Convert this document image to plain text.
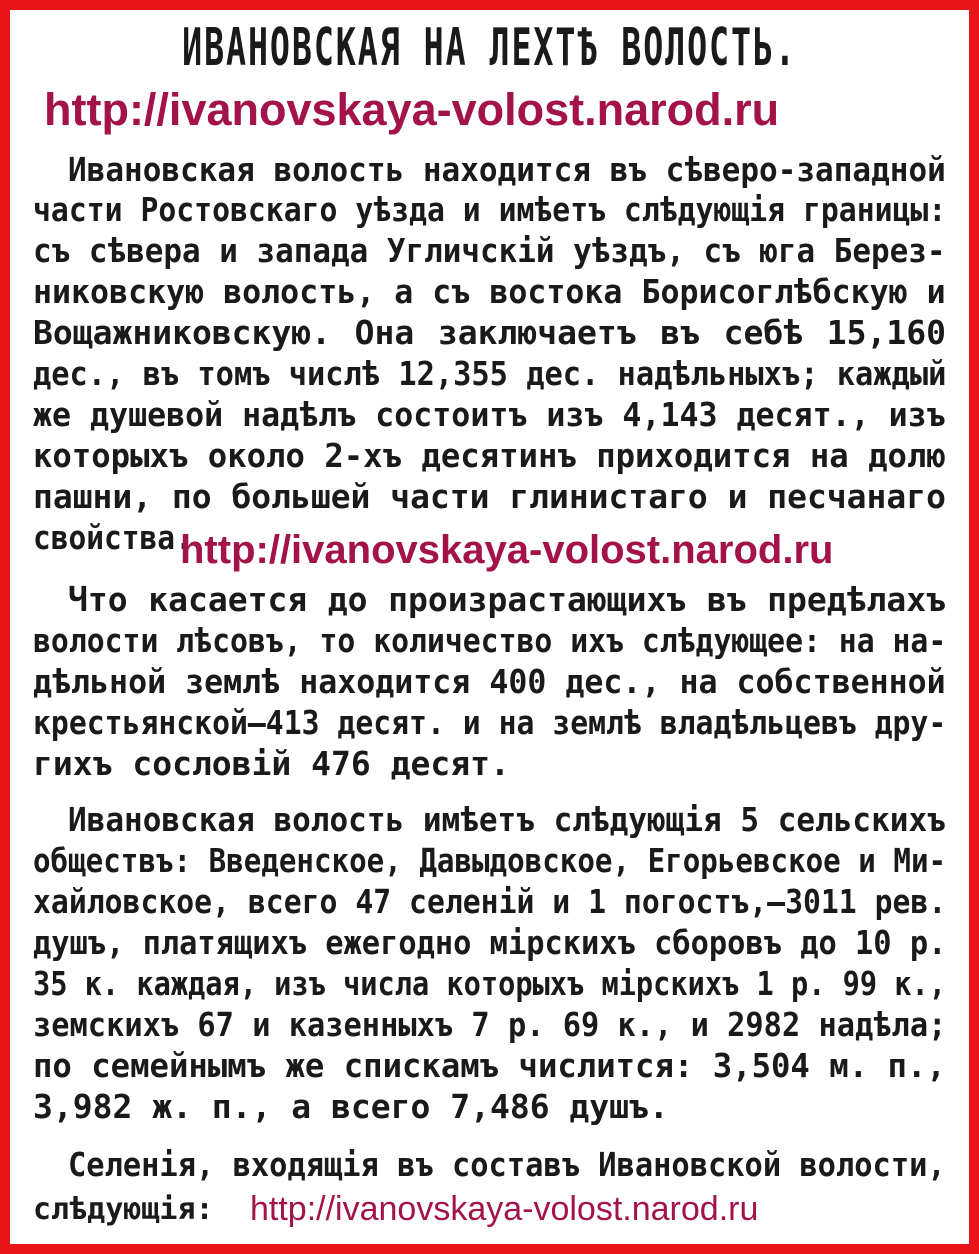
ИВАНОВСКАЯ НА ЛЕХТѢ ВОЛОСТЬ.
http://ivanovskaya-volost.narod.ru
Ивановская волость находится въ сѣверо-западной
части Ростовскаго уѣзда и имѣетъ слѣдующія границы:
съ сѣвера и запада Угличскій уѣздъ, съ юга Берез-
никовскую волость, а съ востока Борисоглѣбскую и
Вощажниковскую. Она заключаетъ въ себѣ 15,160
дес., въ томъ числѣ 12,355 дес. надѣльныхъ; каждый
же душевой надѣлъ состоитъ изъ 4,143 десят., изъ
которыхъ около 2-хъ десятинъ приходится на долю
пашни, по большей части глинистаго и песчанаго
свойства.
http://ivanovskaya-volost.narod.ru
Что касается до произрастающихъ въ предѣлахъ
волости лѣсовъ, то количество ихъ слѣдующее: на на-
дѣльной землѣ находится 400 дес., на собственной
крестьянской—413 десят. и на землѣ владѣльцевъ дру-
гихъ сословій 476 десят.
Ивановская волость имѣетъ слѣдующія 5 сельскихъ
обществъ: Введенское, Давыдовское, Егорьевское и Ми-
хайловское, всего 47 селеній и 1 погостъ,—3011 рев.
душъ, платящихъ ежегодно мірскихъ сборовъ до 10 р.
35 к. каждая, изъ числа которыхъ мірскихъ 1 р. 99 к.,
земскихъ 67 и казенныхъ 7 р. 69 к., и 2982 надѣла;
по семейнымъ же спискамъ числится: 3,504 м. п.,
3,982 ж. п., а всего 7,486 душъ.
Селенія, входящія въ составъ Ивановской волости,
слѣдующія:	http://ivanovskaya-volost.narod.ru
